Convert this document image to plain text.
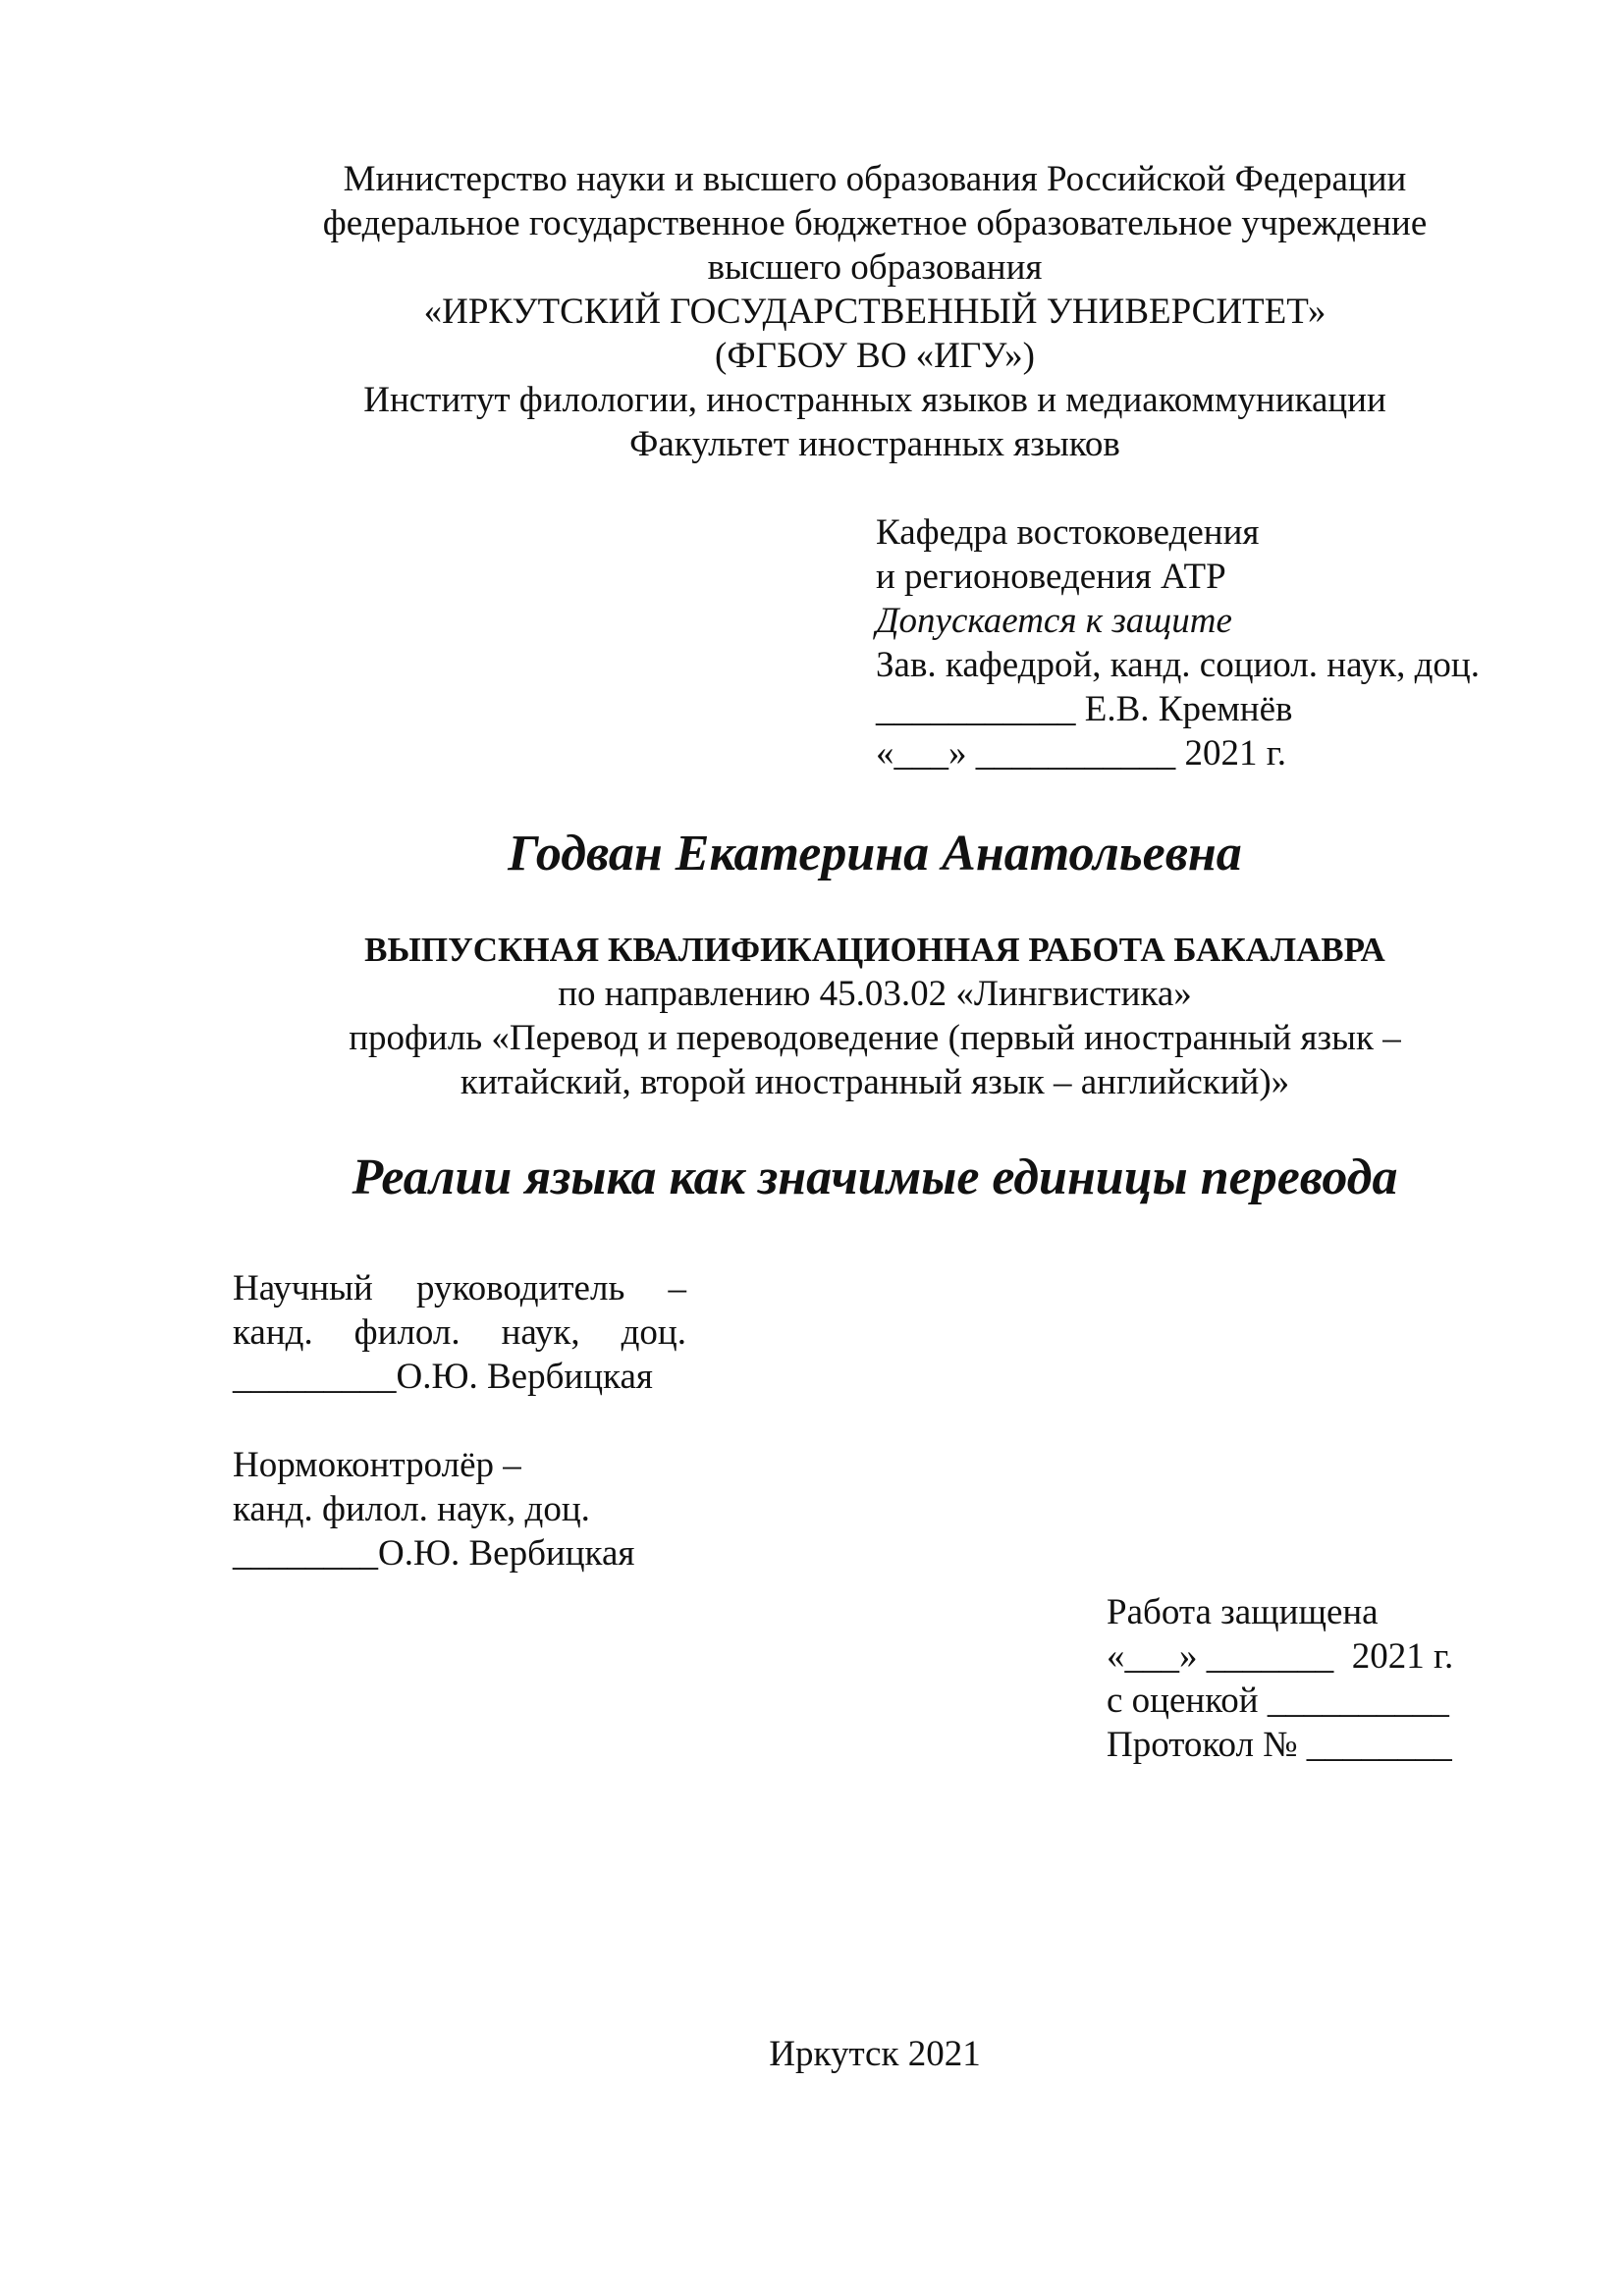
Министерство науки и высшего образования Российской Федерации
федеральное государственное бюджетное образовательное учреждение
высшего образования
«ИРКУТСКИЙ ГОСУДАРСТВЕННЫЙ УНИВЕРСИТЕТ»
(ФГБОУ ВО «ИГУ»)
Институт филологии, иностранных языков и медиакоммуникации
Факультет иностранных языков
Кафедра востоковедения
и регионоведения АТР
Допускается к защите
Зав. кафедрой, канд. социол. наук, доц.
___________ Е.В. Кремнёв
«___» ___________ 2021 г.
Годван Екатерина Анатольевна
ВЫПУСКНАЯ КВАЛИФИКАЦИОННАЯ РАБОТА БАКАЛАВРА
по направлению 45.03.02 «Лингвистика»
профиль «Перевод и переводоведение (первый иностранный язык –
китайский, второй иностранный язык – английский)»
Реалии языка как значимые единицы перевода
Научный руководитель –
канд. филол. наук, доц.
_________О.Ю. Вербицкая
Нормоконтролёр –
канд. филол. наук, доц.
________О.Ю. Вербицкая
Работа защищена
«___» _______  2021 г.
с оценкой __________
Протокол № ________
Иркутск 2021
